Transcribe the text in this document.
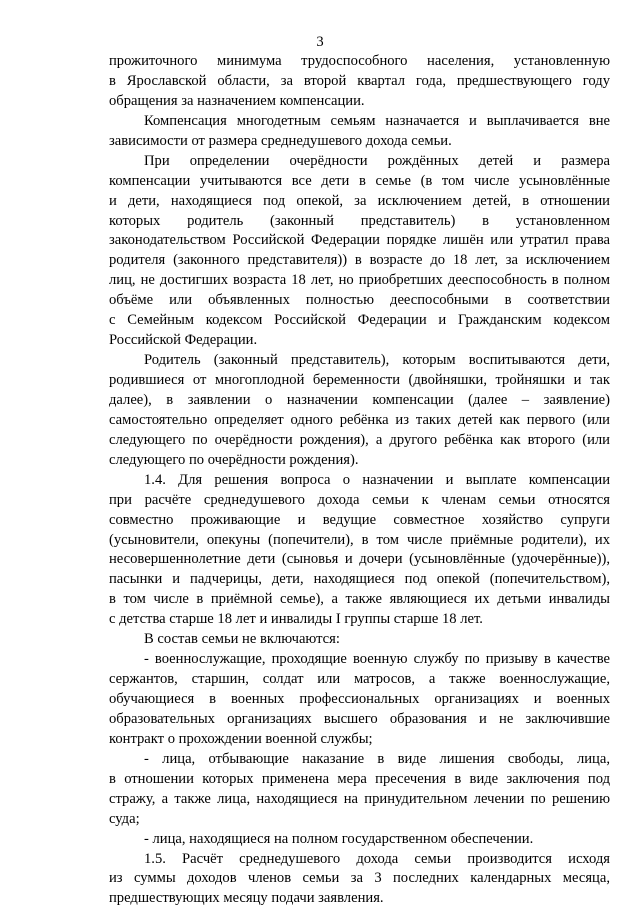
3
прожиточного минимума трудоспособного населения, установленную
в Ярославской области, за второй квартал года, предшествующего году
обращения за назначением компенсации.
Компенсация многодетным семьям назначается и выплачивается вне
зависимости от размера среднедушевого дохода семьи.
При определении очерёдности рождённых детей и размера
компенсации учитываются все дети в семье (в том числе усыновлённые
и дети, находящиеся под опекой, за исключением детей, в отношении
которых родитель (законный представитель) в установленном
законодательством Российской Федерации порядке лишён или утратил права
родителя (законного представителя)) в возрасте до 18 лет, за исключением
лиц, не достигших возраста 18 лет, но приобретших дееспособность в полном
объёме или объявленных полностью дееспособными в соответствии
с Семейным кодексом Российской Федерации и Гражданским кодексом
Российской Федерации.
Родитель (законный представитель), которым воспитываются дети,
родившиеся от многоплодной беременности (двойняшки, тройняшки и так
далее), в заявлении о назначении компенсации (далее – заявление)
самостоятельно определяет одного ребёнка из таких детей как первого (или
следующего по очерёдности рождения), а другого ребёнка как второго (или
следующего по очерёдности рождения).
1.4. Для решения вопроса о назначении и выплате компенсации
при расчёте среднедушевого дохода семьи к членам семьи относятся
совместно проживающие и ведущие совместное хозяйство супруги
(усыновители, опекуны (попечители), в том числе приёмные родители), их
несовершеннолетние дети (сыновья и дочери (усыновлённые (удочерённые)),
пасынки и падчерицы, дети, находящиеся под опекой (попечительством),
в том числе в приёмной семье), а также являющиеся их детьми инвалиды
с детства старше 18 лет и инвалиды I группы старше 18 лет.
В состав семьи не включаются:
- военнослужащие, проходящие военную службу по призыву в качестве
сержантов, старшин, солдат или матросов, а также военнослужащие,
обучающиеся в военных профессиональных организациях и военных
образовательных организациях высшего образования и не заключившие
контракт о прохождении военной службы;
- лица, отбывающие наказание в виде лишения свободы, лица,
в отношении которых применена мера пресечения в виде заключения под
стражу, а также лица, находящиеся на принудительном лечении по решению
суда;
- лица, находящиеся на полном государственном обеспечении.
1.5. Расчёт среднедушевого дохода семьи производится исходя
из суммы доходов членов семьи за 3 последних календарных месяца,
предшествующих месяцу подачи заявления.
